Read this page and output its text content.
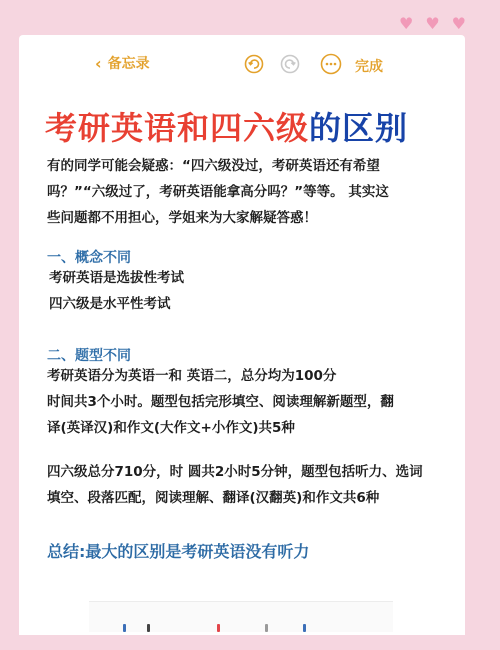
♥ ♥ ♥
‹ 备忘录	完成
考研英语和四六级的区别
有的同学可能会疑惑：“四六级没过，考研英语还有希望
吗？”“六级过了，考研英语能拿高分吗？”等等。 其实这
些问题都不用担心，学姐来为大家解疑答惑！
一、概念不同
考研英语是选拔性考试
四六级是水平性考试
二、题型不同
考研英语分为英语一和 英语二，总分均为100分
时间共3个小时。题型包括完形填空、阅读理解新题型，翻
译(英译汉)和作文(大作文+小作文)共5种
四六级总分710分，时 圆共2小时5分钟，题型包括听力、选词
填空、段落匹配，阅读理解、翻译(汉翻英)和作文共6种
总结:最大的区别是考研英语没有听力
